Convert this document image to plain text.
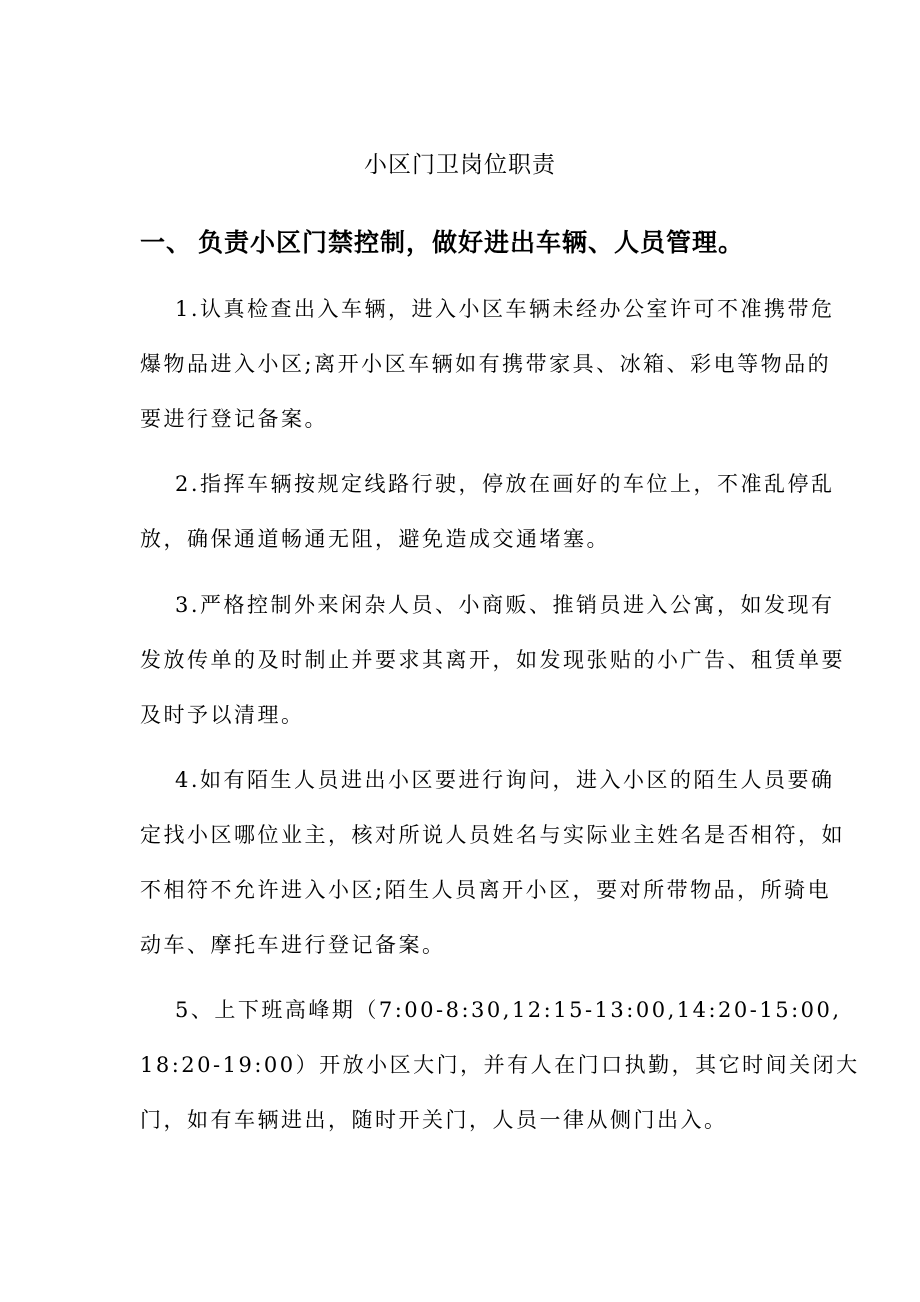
小区门卫岗位职责
一、 负责小区门禁控制，做好进出车辆、人员管理。
1.认真检查出入车辆，进入小区车辆未经办公室许可不准携带危
爆物品进入小区;离开小区车辆如有携带家具、冰箱、彩电等物品的
要进行登记备案。
2.指挥车辆按规定线路行驶，停放在画好的车位上，不准乱停乱
放，确保通道畅通无阻，避免造成交通堵塞。
3.严格控制外来闲杂人员、小商贩、推销员进入公寓，如发现有
发放传单的及时制止并要求其离开，如发现张贴的小广告、租赁单要
及时予以清理。
4.如有陌生人员进出小区要进行询问，进入小区的陌生人员要确
定找小区哪位业主，核对所说人员姓名与实际业主姓名是否相符，如
不相符不允许进入小区;陌生人员离开小区，要对所带物品，所骑电
动车、摩托车进行登记备案。
5、上下班高峰期（7:00-8:30,12:15-13:00,14:20-15:00,
18:20-19:00）开放小区大门，并有人在门口执勤，其它时间关闭大
门，如有车辆进出，随时开关门，人员一律从侧门出入。
